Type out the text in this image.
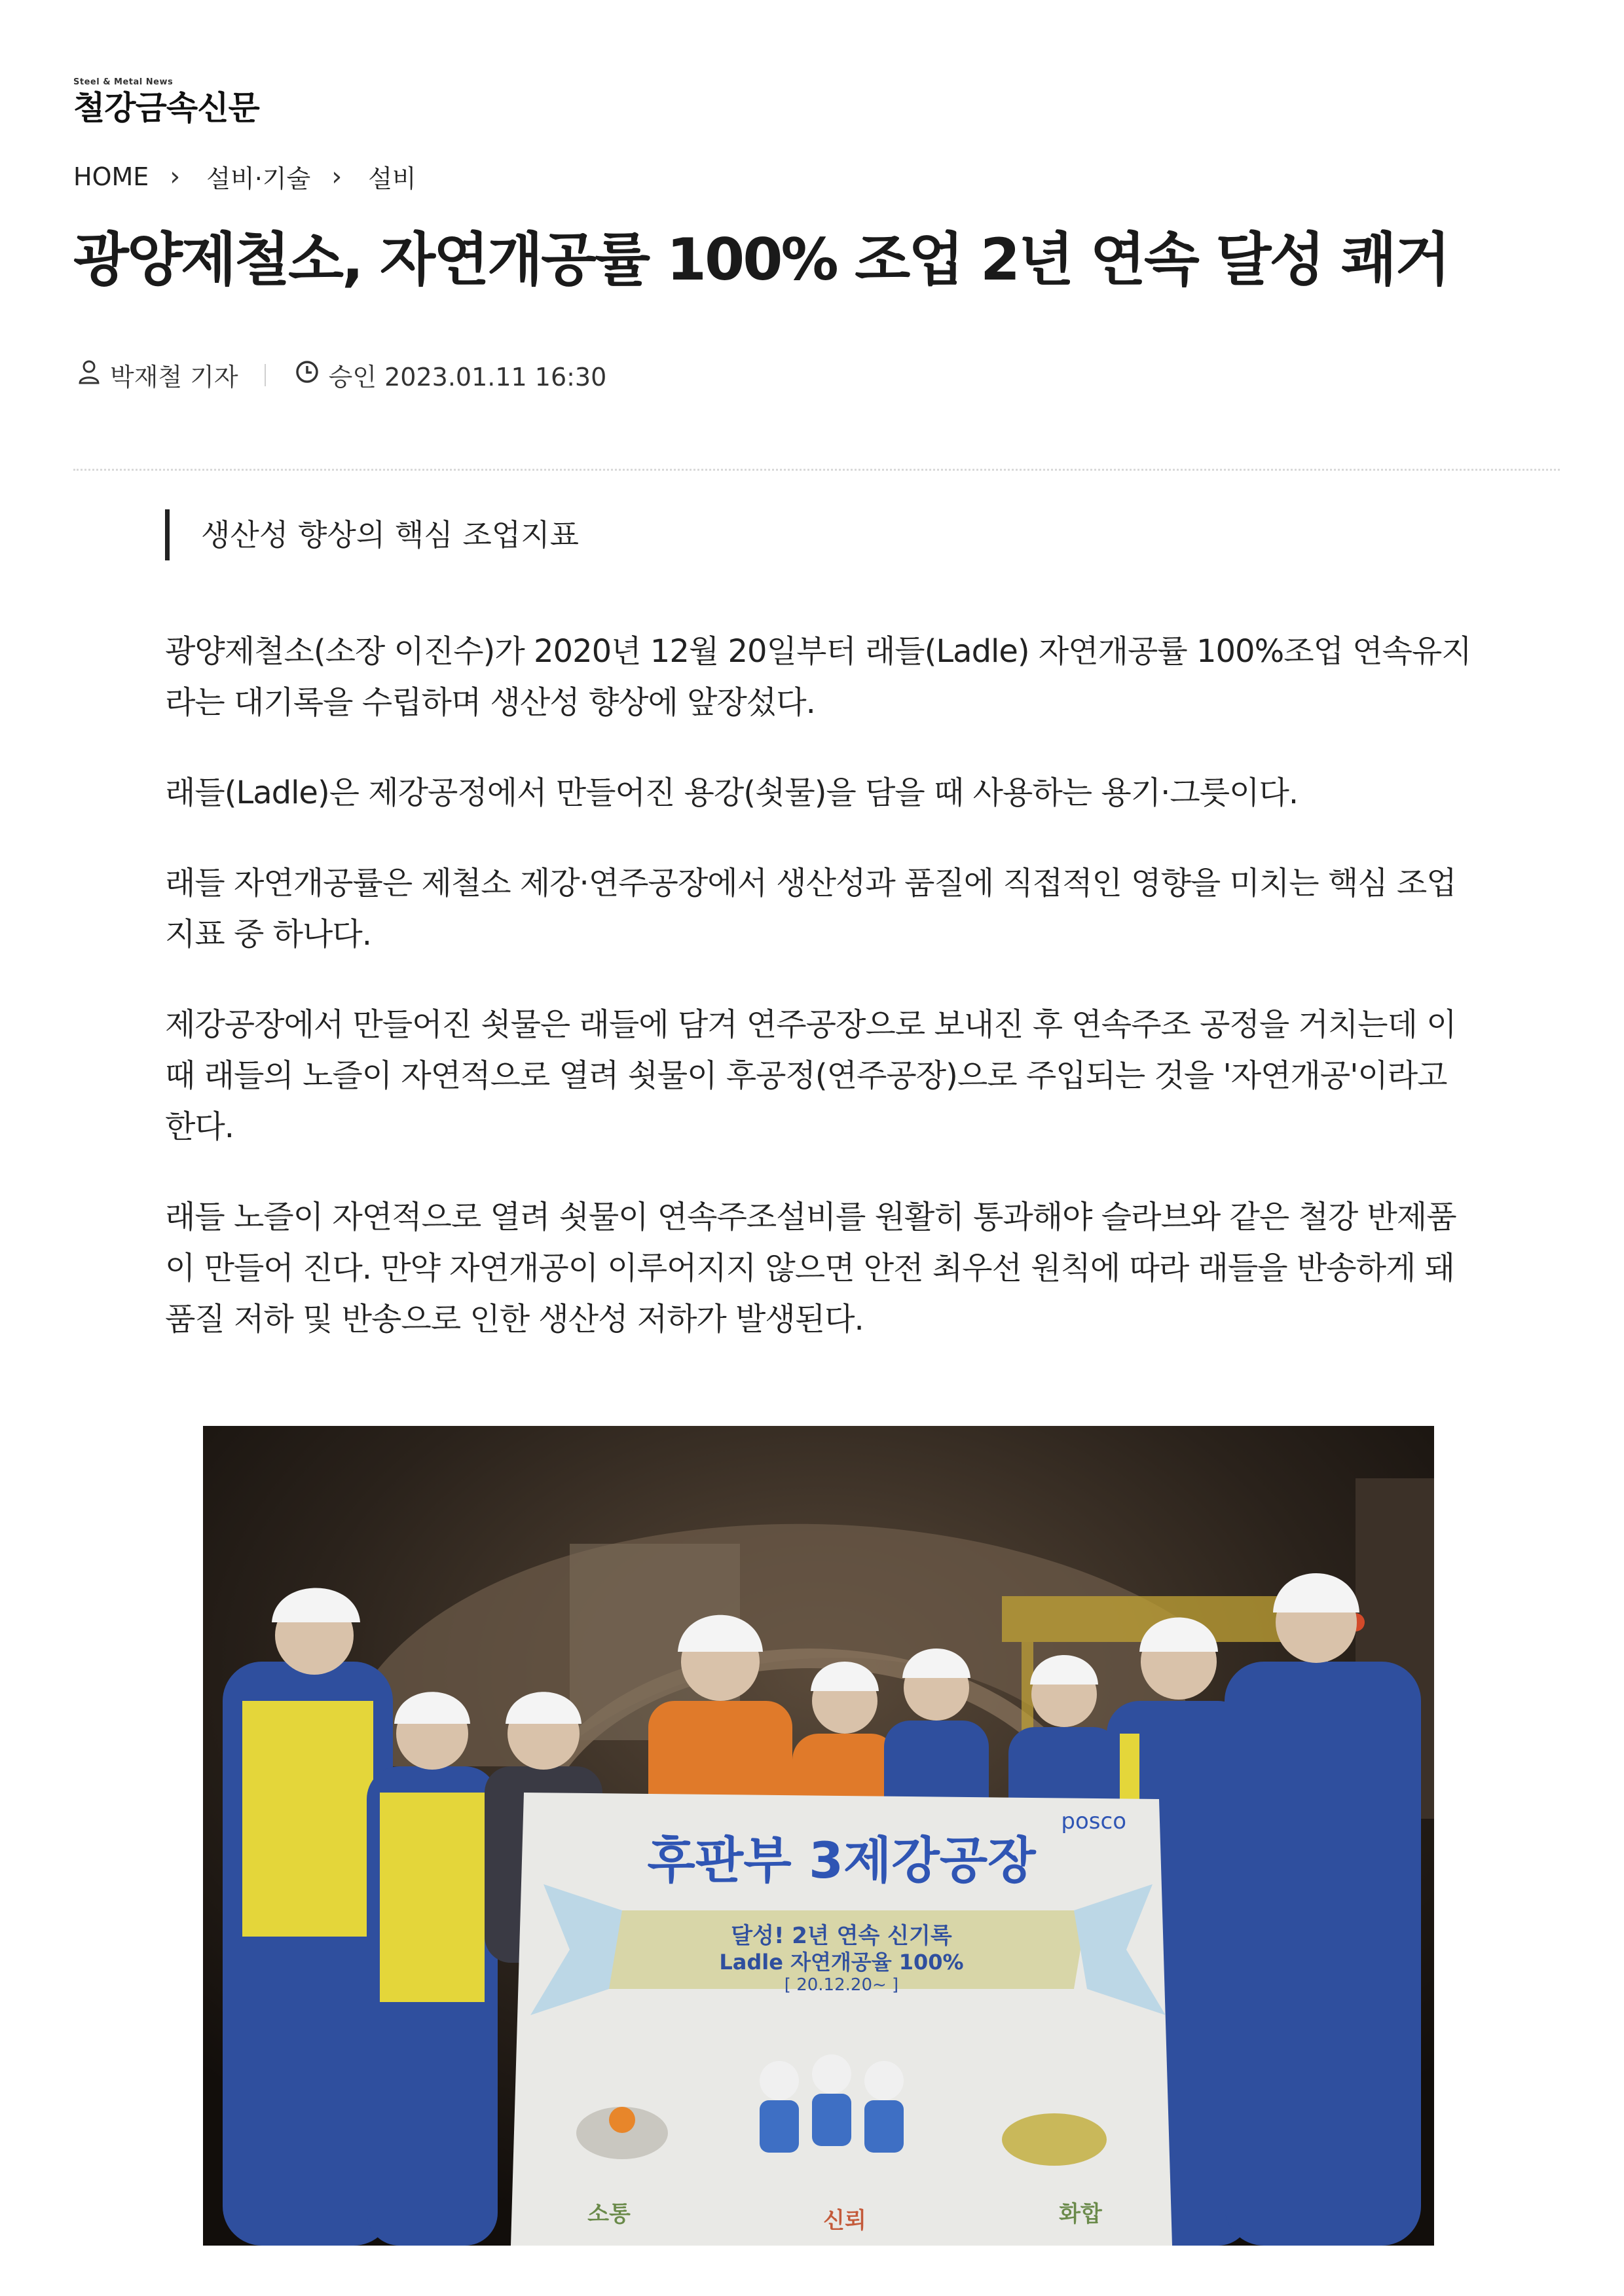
Steel & Metal News
철강금속신문
HOME › 설비·기술 › 설비
광양제철소, 자연개공률 100% 조업 2년 연속 달성 쾌거
박재철 기자	승인 2023.01.11 16:30
생산성 향상의 핵심 조업지표

광양제철소(소장 이진수)가 2020년 12월 20일부터 래들(Ladle) 자연개공률 100%조업 연속유지라는 대기록을 수립하며 생산성 향상에 앞장섰다.

래들(Ladle)은 제강공정에서 만들어진 용강(쇳물)을 담을 때 사용하는 용기·그릇이다.

래들 자연개공률은 제철소 제강·연주공장에서 생산성과 품질에 직접적인 영향을 미치는 핵심 조업지표 중 하나다.

제강공장에서 만들어진 쇳물은 래들에 담겨 연주공장으로 보내진 후 연속주조 공정을 거치는데 이때 래들의 노즐이 자연적으로 열려 쇳물이 후공정(연주공장)으로 주입되는 것을 '자연개공'이라고 한다.

래들 노즐이 자연적으로 열려 쇳물이 연속주조설비를 원활히 통과해야 슬라브와 같은 철강 반제품이 만들어 진다. 만약 자연개공이 이루어지지 않으면 안전 최우선 원칙에 따라 래들을 반송하게 돼 품질 저하 및 반송으로 인한 생산성 저하가 발생된다.

후판부 3제강공장
posco
달성! 2년 연속 신기록
Ladle 자연개공율 100%
[ 20.12.20~ ]
소통	신뢰	화합
